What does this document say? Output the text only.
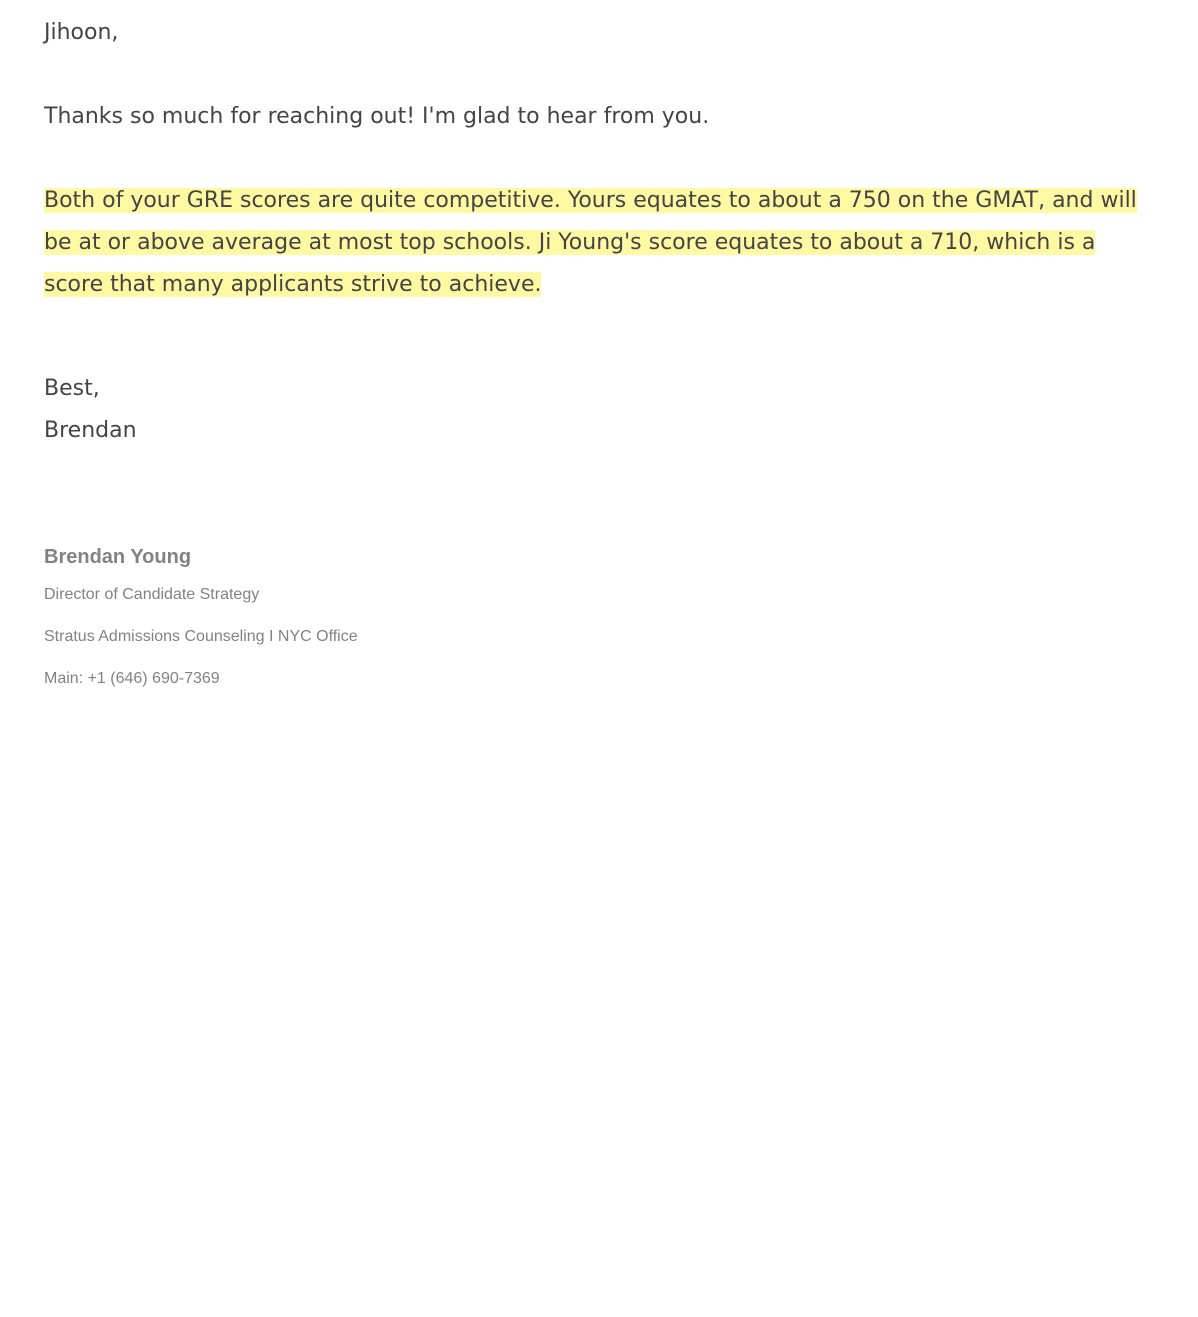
Jihoon,

Thanks so much for reaching out! I'm glad to hear from you.

Both of your GRE scores are quite competitive. Yours equates to about a 750 on the GMAT, and will be at or above average at most top schools. Ji Young's score equates to about a 710, which is a score that many applicants strive to achieve.

Best,

Brendan

Brendan Young

Director of Candidate Strategy

Stratus Admissions Counseling I NYC Office

Main: +1 (646) 690-7369
